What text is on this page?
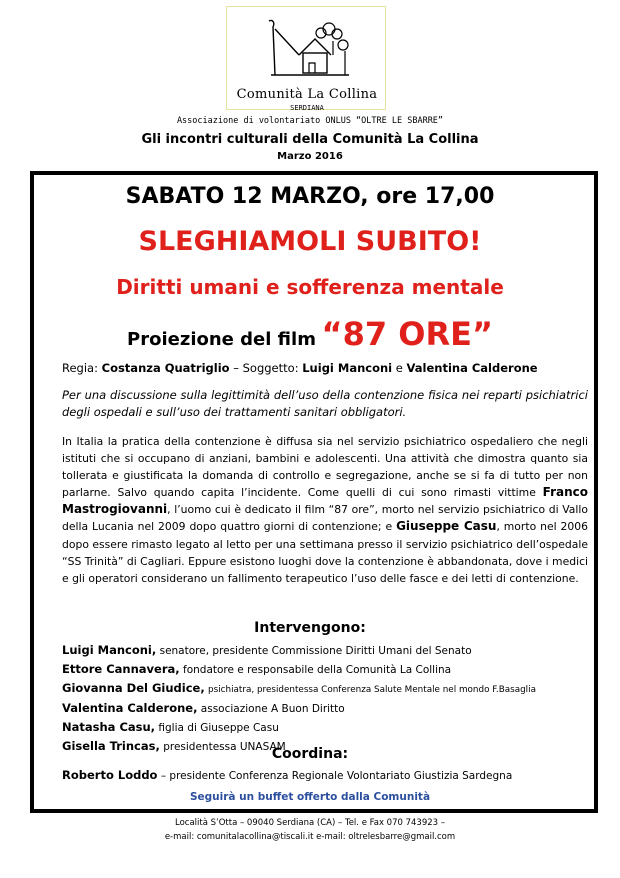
Comunità La Collina
SERDIANA
Associazione di volontariato ONLUS “OLTRE LE SBARRE”
Gli incontri culturali della Comunità La Collina
Marzo 2016
SABATO 12 MARZO, ore 17,00
SLEGHIAMOLI SUBITO!
Diritti umani e sofferenza mentale
Proiezione del film “87 ORE”
Regia: Costanza Quatriglio – Soggetto: Luigi Manconi e Valentina Calderone
Per una discussione sulla legittimità dell’uso della contenzione fisica nei reparti psichiatrici degli ospedali e sull’uso dei trattamenti sanitari obbligatori.
In Italia la pratica della contenzione è diffusa sia nel servizio psichiatrico ospedaliero che negli istituti che si occupano di anziani, bambini e adolescenti. Una attività che dimostra quanto sia tollerata e giustificata la domanda di controllo e segregazione, anche se si fa di tutto per non parlarne. Salvo quando capita l’incidente. Come quelli di cui sono rimasti vittime Franco Mastrogiovanni, l’uomo cui è dedicato il film “87 ore”, morto nel servizio psichiatrico di Vallo della Lucania nel 2009 dopo quattro giorni di contenzione; e Giuseppe Casu, morto nel 2006 dopo essere rimasto legato al letto per una settimana presso il servizio psichiatrico dell’ospedale “SS Trinità” di Cagliari. Eppure esistono luoghi dove la contenzione è abbandonata, dove i medici e gli operatori considerano un fallimento terapeutico l’uso delle fasce e dei letti di contenzione.
Intervengono:
Luigi Manconi, senatore, presidente Commissione Diritti Umani del Senato
Ettore Cannavera, fondatore e responsabile della Comunità La Collina
Giovanna Del Giudice, psichiatra, presidentessa Conferenza Salute Mentale nel mondo F.Basaglia
Valentina Calderone, associazione A Buon Diritto
Natasha Casu, figlia di Giuseppe Casu
Gisella Trincas, presidentessa UNASAM
Coordina:
Roberto Loddo – presidente Conferenza Regionale Volontariato Giustizia Sardegna
Seguirà un buffet offerto dalla Comunità
Località S’Otta – 09040 Serdiana (CA) – Tel. e Fax 070 743923 –
e-mail: comunitalacollina@tiscali.it e-mail: oltrelesbarre@gmail.com
